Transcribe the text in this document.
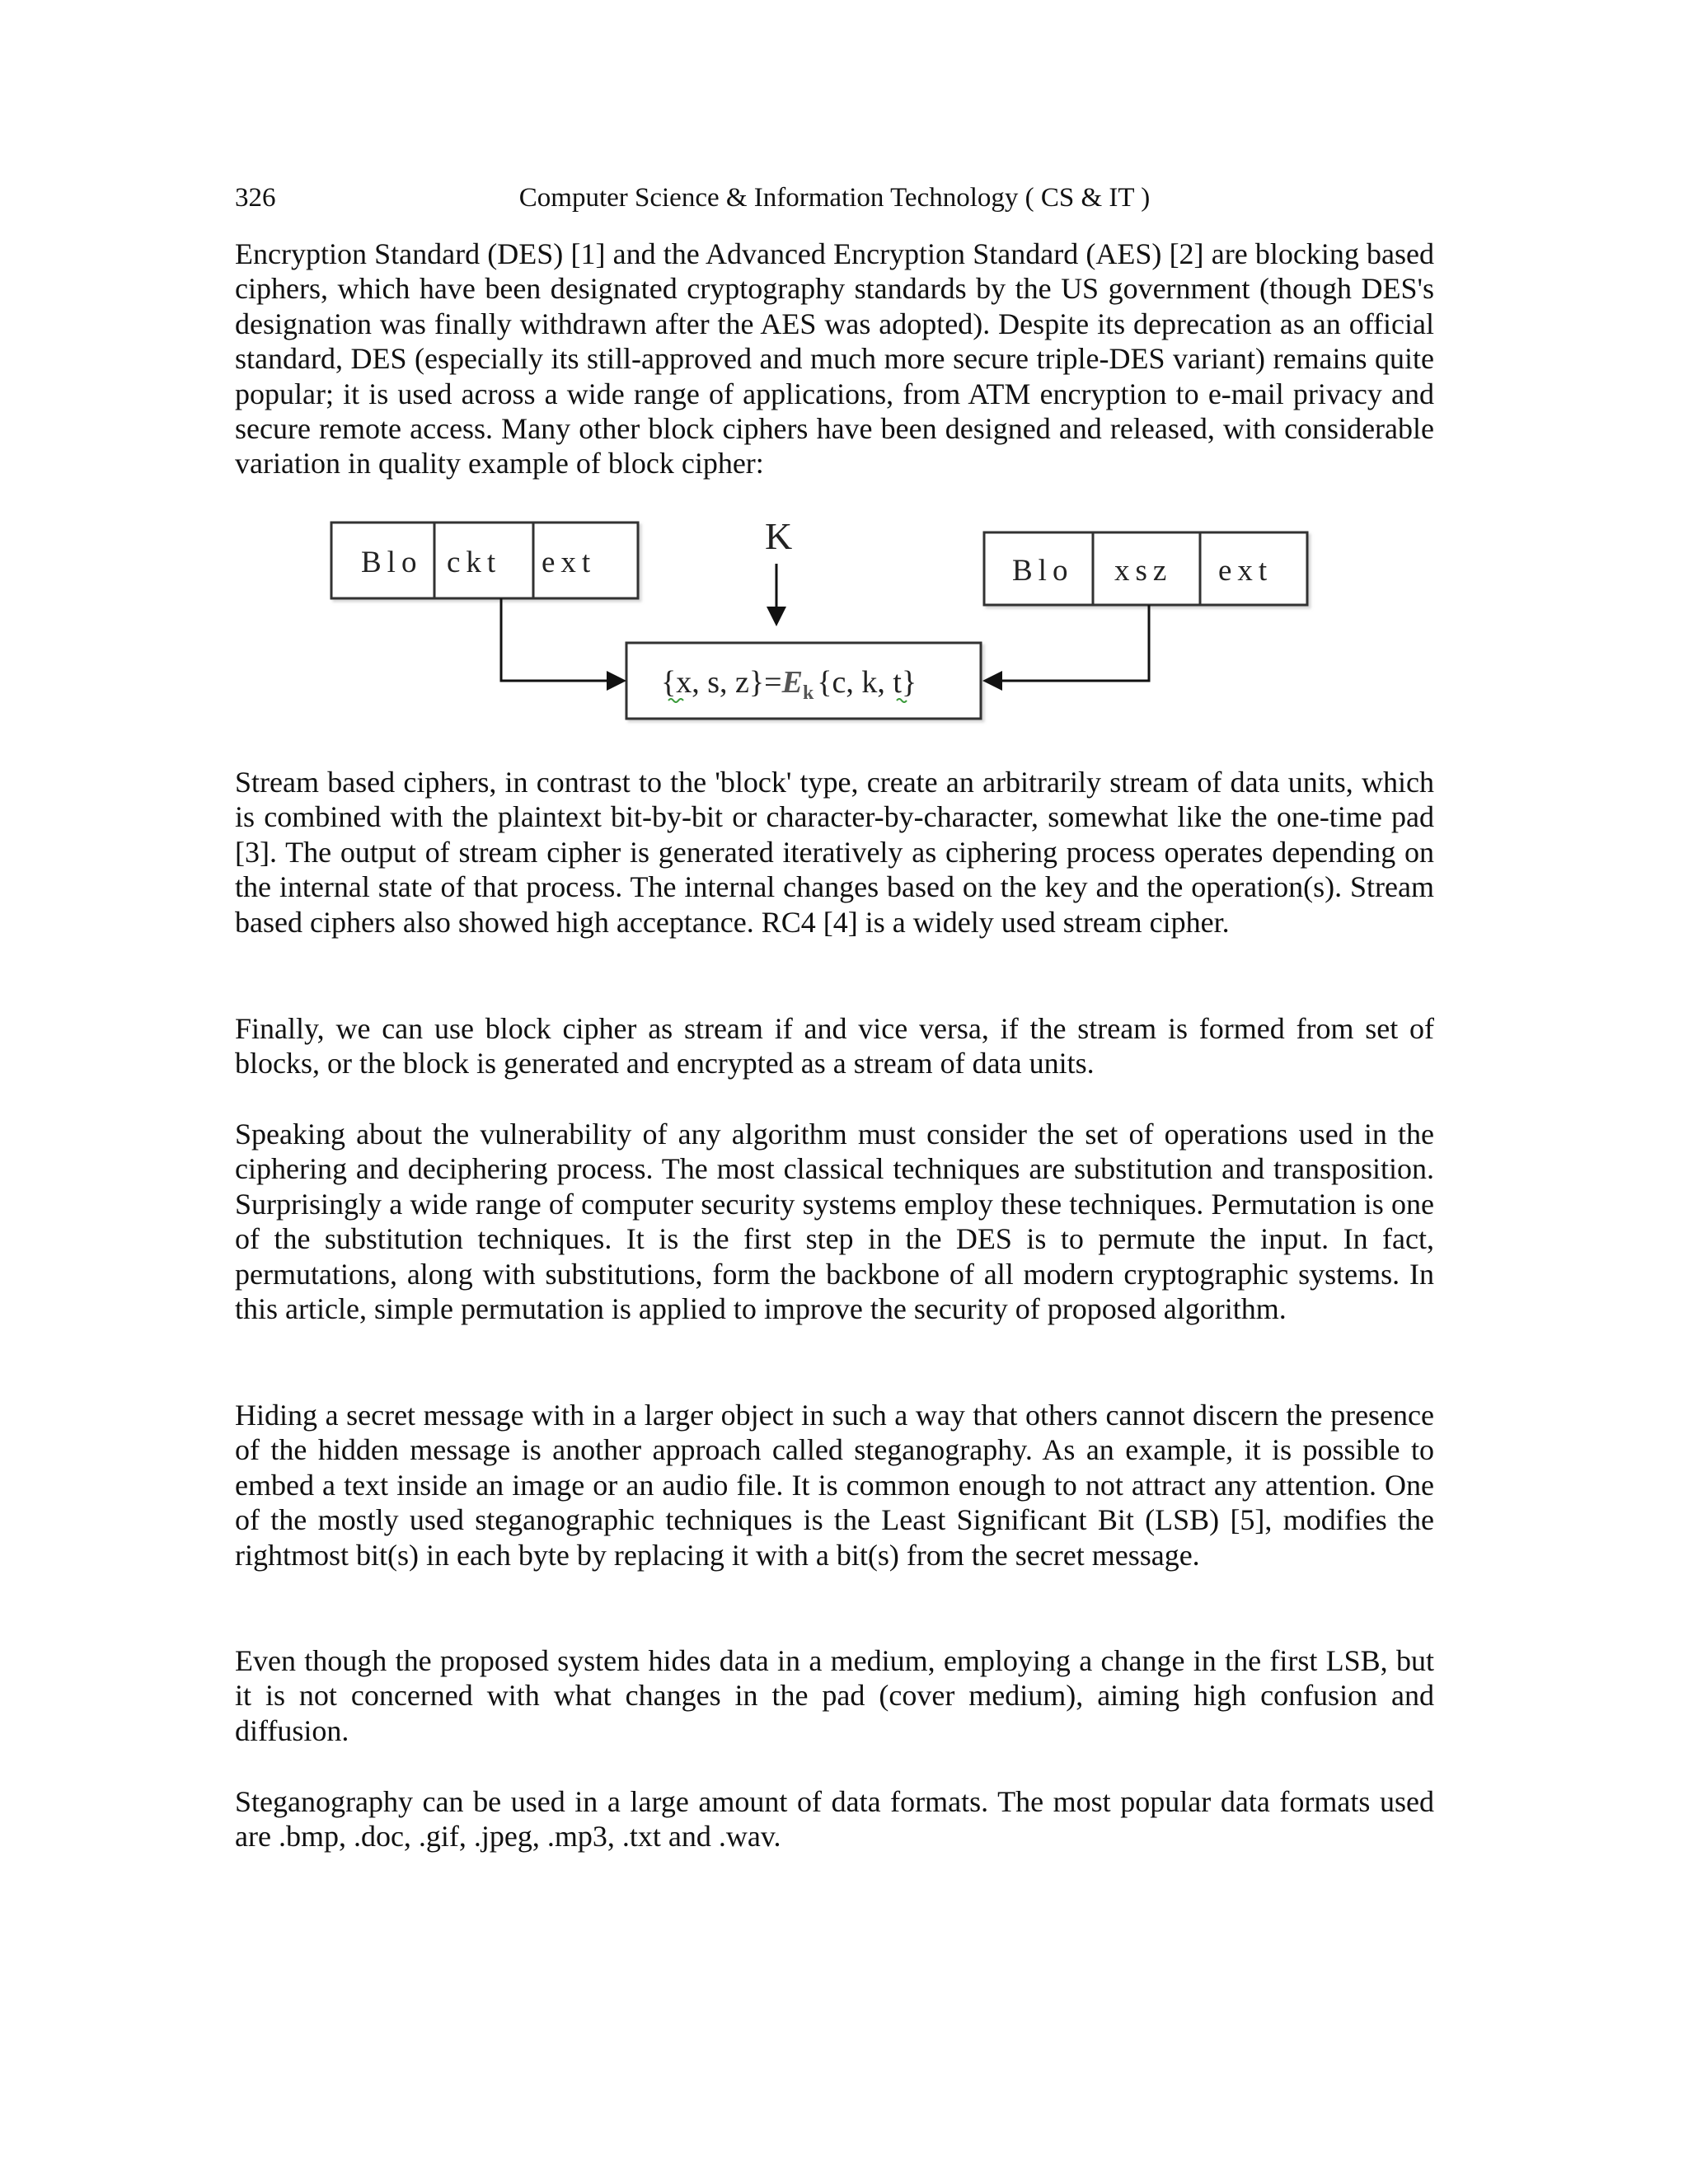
326	Computer Science & Information Technology ( CS & IT )

Encryption Standard (DES) [1] and the Advanced Encryption Standard (AES) [2] are blocking based ciphers, which have been designated cryptography standards by the US government (though DES's designation was finally withdrawn after the AES was adopted). Despite its deprecation as an official standard, DES (especially its still-approved and much more secure triple-DES variant) remains quite popular; it is used across a wide range of applications, from ATM encryption to e-mail privacy and secure remote access. Many other block ciphers have been designed and released, with considerable variation in quality example of block cipher:

Blo ckt ext	Blo xsz ext
K
{x, s, $z\}=E_k$ {c, k, t}

Stream based ciphers, in contrast to the 'block' type, create an arbitrarily stream of data units, which is combined with the plaintext bit-by-bit or character-by-character, somewhat like the one-time pad [3]. The output of stream cipher is generated iteratively as ciphering process operates depending on the internal state of that process. The internal changes based on the key and the operation(s). Stream based ciphers also showed high acceptance. RC4 [4] is a widely used stream cipher.

Finally, we can use block cipher as stream if and vice versa, if the stream is formed from set of blocks, or the block is generated and encrypted as a stream of data units.

Speaking about the vulnerability of any algorithm must consider the set of operations used in the ciphering and deciphering process. The most classical techniques are substitution and transposition. Surprisingly a wide range of computer security systems employ these techniques. Permutation is one of the substitution techniques. It is the first step in the DES is to permute the input. In fact, permutations, along with substitutions, form the backbone of all modern cryptographic systems. In this article, simple permutation is applied to improve the security of proposed algorithm.

Hiding a secret message with in a larger object in such a way that others cannot discern the presence of the hidden message is another approach called steganography. As an example, it is possible to embed a text inside an image or an audio file. It is common enough to not attract any attention. One of the mostly used steganographic techniques is the Least Significant Bit (LSB) [5], modifies the rightmost bit(s) in each byte by replacing it with a bit(s) from the secret message.

Even though the proposed system hides data in a medium, employing a change in the first LSB, but it is not concerned with what changes in the pad (cover medium), aiming high confusion and diffusion.

Steganography can be used in a large amount of data formats. The most popular data formats used are .bmp, .doc, .gif, .jpeg, .mp3, .txt and .wav.
